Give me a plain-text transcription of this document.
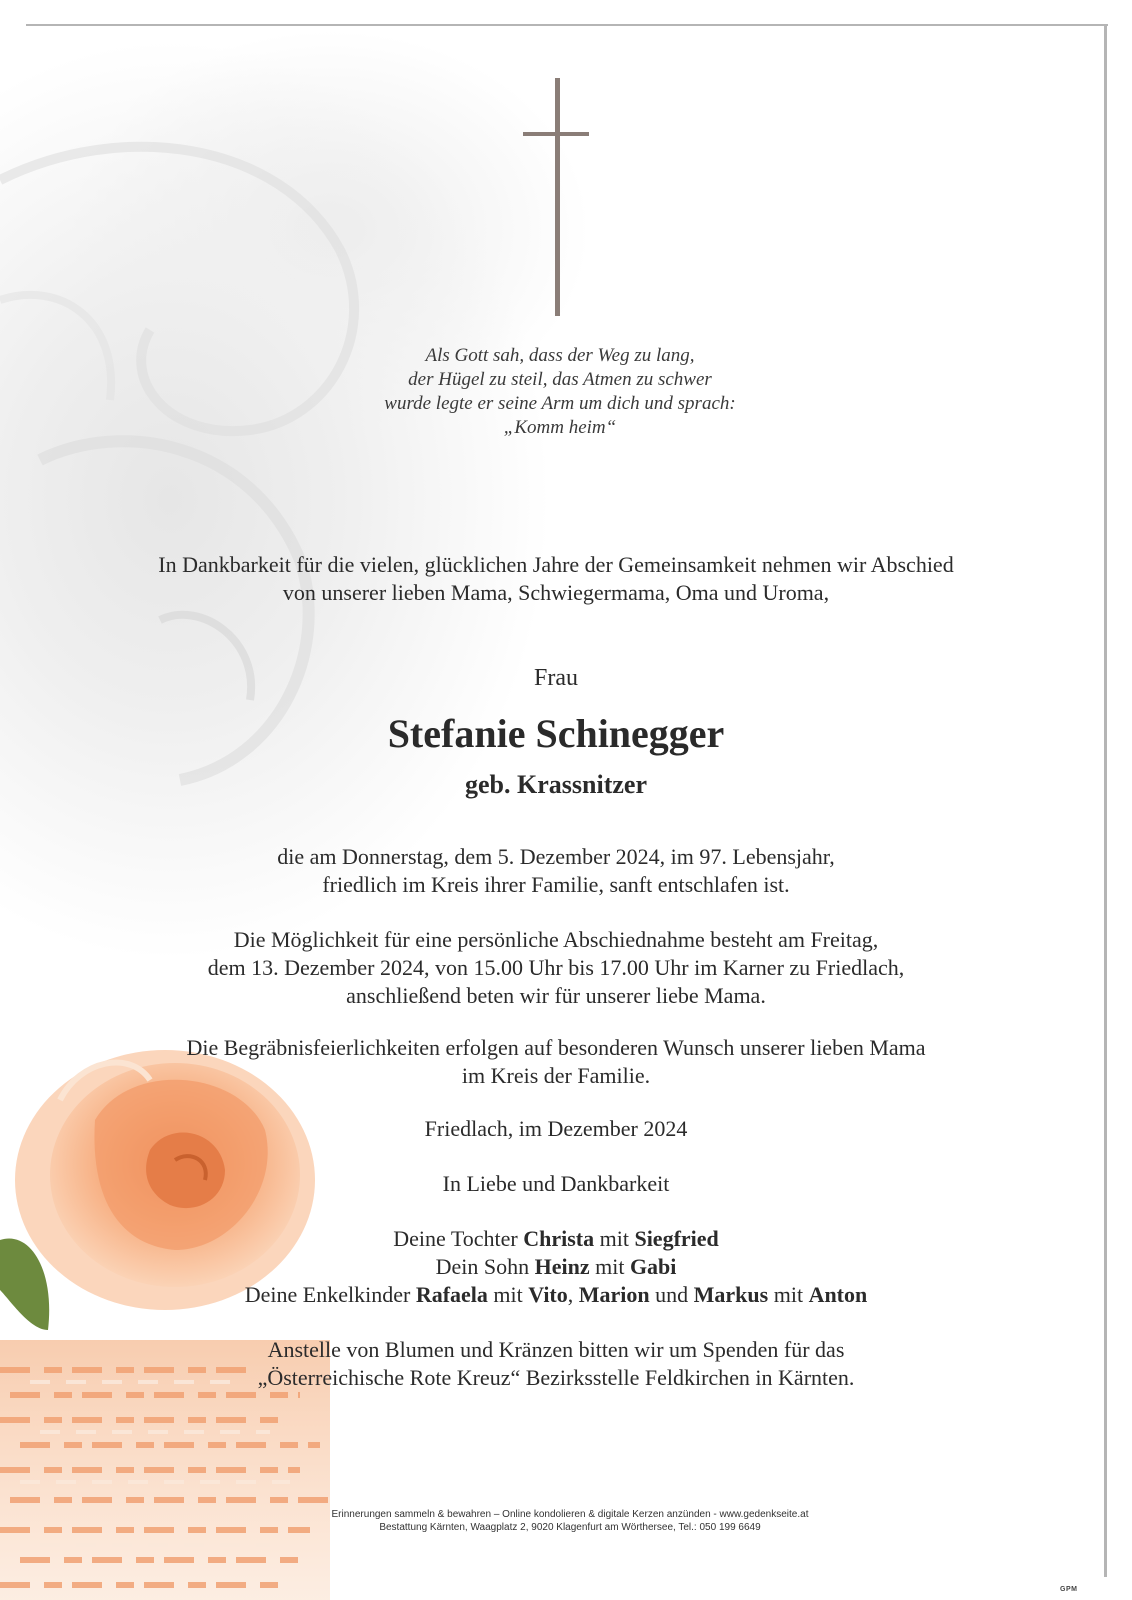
Als Gott sah, dass der Weg zu lang,
der Hügel zu steil, das Atmen zu schwer
wurde legte er seine Arm um dich und sprach:
„Komm heim“
In Dankbarkeit für die vielen, glücklichen Jahre der Gemeinsamkeit nehmen wir Abschied
von unserer lieben Mama, Schwiegermama, Oma und Uroma,
Frau
Stefanie Schinegger
geb. Krassnitzer
die am Donnerstag, dem 5. Dezember 2024, im 97. Lebensjahr,
friedlich im Kreis ihrer Familie, sanft entschlafen ist.
Die Möglichkeit für eine persönliche Abschiednahme besteht am Freitag,
dem 13. Dezember 2024, von 15.00 Uhr bis 17.00 Uhr im Karner zu Friedlach,
anschließend beten wir für unserer liebe Mama.
Die Begräbnisfeierlichkeiten erfolgen auf besonderen Wunsch unserer lieben Mama
im Kreis der Familie.
Friedlach, im Dezember 2024
In Liebe und Dankbarkeit
Deine Tochter Christa mit Siegfried
Dein Sohn Heinz mit Gabi
Deine Enkelkinder Rafaela mit Vito, Marion und Markus mit Anton
Anstelle von Blumen und Kränzen bitten wir um Spenden für das
„Österreichische Rote Kreuz“ Bezirksstelle Feldkirchen in Kärnten.
Erinnerungen sammeln & bewahren – Online kondolieren & digitale Kerzen anzünden - www.gedenkseite.at
Bestattung Kärnten, Waagplatz 2, 9020 Klagenfurt am Wörthersee, Tel.: 050 199 6649
GPM
